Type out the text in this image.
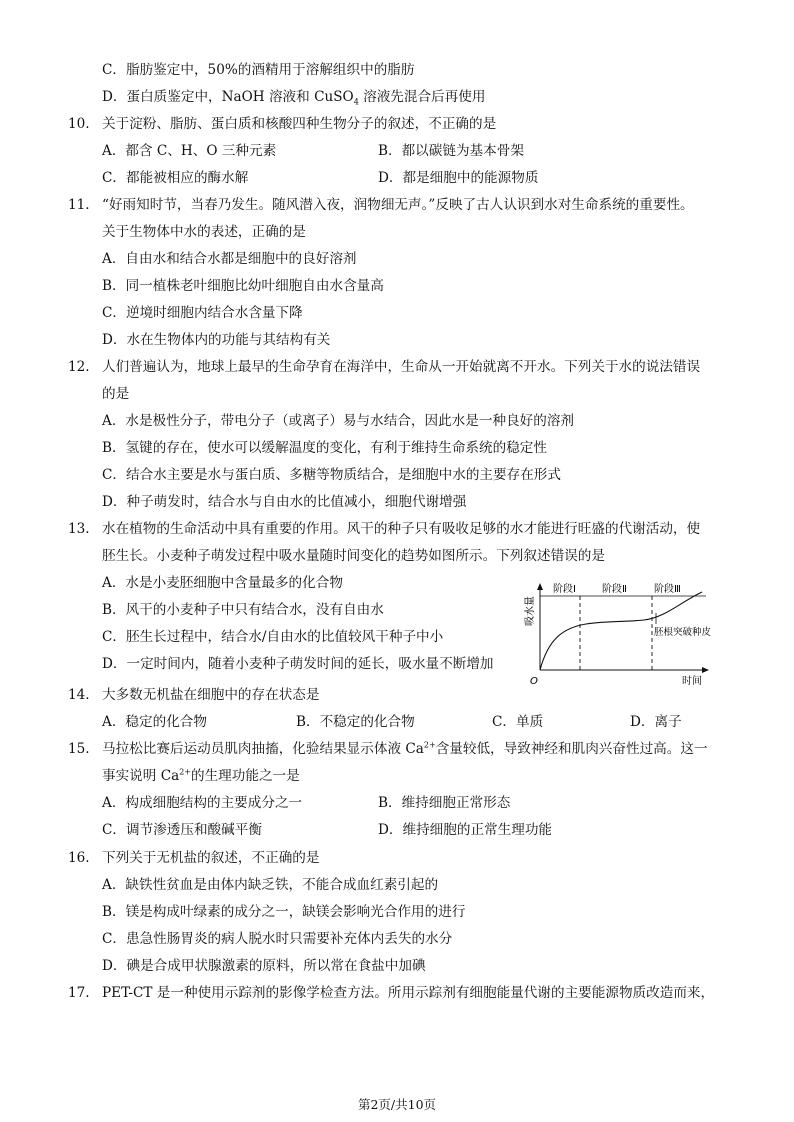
C．脂肪鉴定中，50%的酒精用于溶解组织中的脂肪
D．蛋白质鉴定中，NaOH 溶液和 CuSO$_4$ 溶液先混合后再使用
10. 关于淀粉、脂肪、蛋白质和核酸四种生物分子的叙述，不正确的是
A．都含 C、H、O 三种元素	B．都以碳链为基本骨架
C．都能被相应的酶水解	D．都是细胞中的能源物质
11. “好雨知时节，当春乃发生。随风潜入夜，润物细无声。”反映了古人认识到水对生命系统的重要性。
关于生物体中水的表述，正确的是
A．自由水和结合水都是细胞中的良好溶剂
B．同一植株老叶细胞比幼叶细胞自由水含量高
C．逆境时细胞内结合水含量下降
D．水在生物体内的功能与其结构有关
12. 人们普遍认为，地球上最早的生命孕育在海洋中，生命从一开始就离不开水。下列关于水的说法错误
的是
A．水是极性分子，带电分子（或离子）易与水结合，因此水是一种良好的溶剂
B．氢键的存在，使水可以缓解温度的变化，有利于维持生命系统的稳定性
C．结合水主要是水与蛋白质、多糖等物质结合，是细胞中水的主要存在形式
D．种子萌发时，结合水与自由水的比值减小，细胞代谢增强
13. 水在植物的生命活动中具有重要的作用。风干的种子只有吸收足够的水才能进行旺盛的代谢活动，使
胚生长。小麦种子萌发过程中吸水量随时间变化的趋势如图所示。下列叙述错误的是
A．水是小麦胚细胞中含量最多的化合物
B．风干的小麦种子中只有结合水，没有自由水
C．胚生长过程中，结合水/自由水的比值较风干种子中小
D．一定时间内，随着小麦种子萌发时间的延长，吸水量不断增加
阶段Ⅰ	阶段Ⅱ	阶段Ⅲ
胚根突破种皮
O	时间
吸水量
14. 大多数无机盐在细胞中的存在状态是
A．稳定的化合物	B．不稳定的化合物	C．单质	D．离子
15. 马拉松比赛后运动员肌肉抽搐，化验结果显示体液 $Ca^{2+}$含量较低，导致神经和肌肉兴奋性过高。这一
事实说明 $Ca^{2+}$的生理功能之一是
A．构成细胞结构的主要成分之一	B．维持细胞正常形态
C．调节渗透压和酸碱平衡	D．维持细胞的正常生理功能
16. 下列关于无机盐的叙述，不正确的是
A．缺铁性贫血是由体内缺乏铁，不能合成血红素引起的
B．镁是构成叶绿素的成分之一，缺镁会影响光合作用的进行
C．患急性肠胃炎的病人脱水时只需要补充体内丢失的水分
D．碘是合成甲状腺激素的原料，所以常在食盐中加碘
17. PET-CT 是一种使用示踪剂的影像学检查方法。所用示踪剂有细胞能量代谢的主要能源物质改造而来，
第2页/共10页
